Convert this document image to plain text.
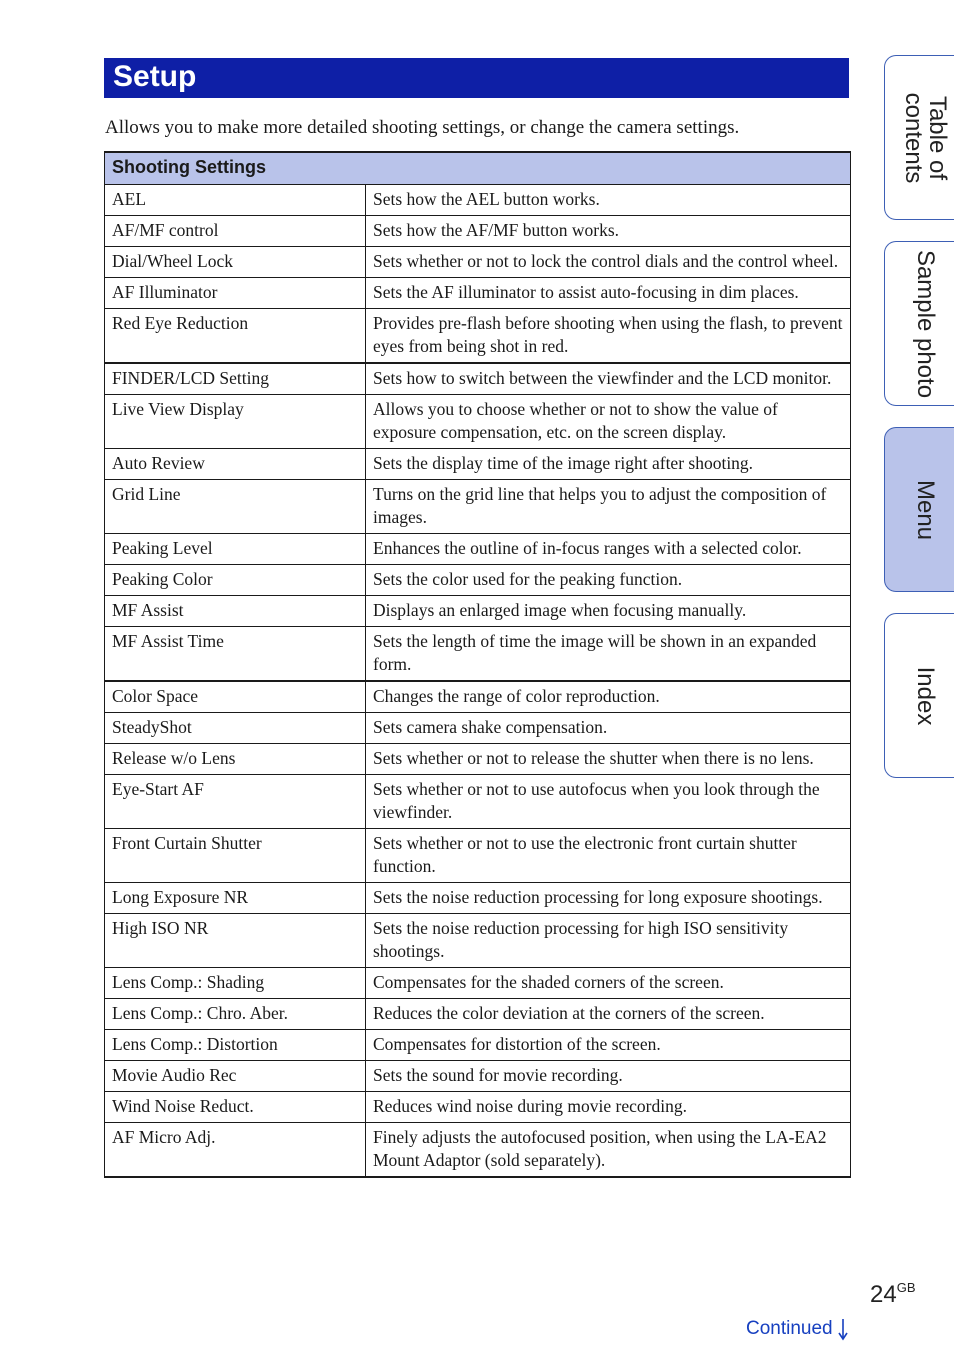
Setup

Allows you to make more detailed shooting settings, or change the camera settings.

Shooting Settings	
AEL	Sets how the AEL button works.
AF/MF control	Sets how the AF/MF button works.
Dial/Wheel Lock	Sets whether or not to lock the control dials and the control wheel.
AF Illuminator	Sets the AF illuminator to assist auto-focusing in dim places.
Red Eye Reduction	Provides pre-flash before shooting when using the flash, to prevent eyes from being shot in red.
FINDER/LCD Setting	Sets how to switch between the viewfinder and the LCD monitor.
Live View Display	Allows you to choose whether or not to show the value of exposure compensation, etc. on the screen display.
Auto Review	Sets the display time of the image right after shooting.
Grid Line	Turns on the grid line that helps you to adjust the composition of images.
Peaking Level	Enhances the outline of in-focus ranges with a selected color.
Peaking Color	Sets the color used for the peaking function.
MF Assist	Displays an enlarged image when focusing manually.
MF Assist Time	Sets the length of time the image will be shown in an expanded form.
Color Space	Changes the range of color reproduction.
SteadyShot	Sets camera shake compensation.
Release w/o Lens	Sets whether or not to release the shutter when there is no lens.
Eye-Start AF	Sets whether or not to use autofocus when you look through the viewfinder.
Front Curtain Shutter	Sets whether or not to use the electronic front curtain shutter function.
Long Exposure NR	Sets the noise reduction processing for long exposure shootings.
High ISO NR	Sets the noise reduction processing for high ISO sensitivity shootings.
Lens Comp.: Shading	Compensates for the shaded corners of the screen.
Lens Comp.: Chro. Aber.	Reduces the color deviation at the corners of the screen.
Lens Comp.: Distortion	Compensates for distortion of the screen.
Movie Audio Rec	Sets the sound for movie recording.
Wind Noise Reduct.	Reduces wind noise during movie recording.
AF Micro Adj.	Finely adjusts the autofocused position, when using the LA-EA2 Mount Adaptor (sold separately).
Table of
contents
Sample photo
Menu
Index
$24^{GB}$
Continued
